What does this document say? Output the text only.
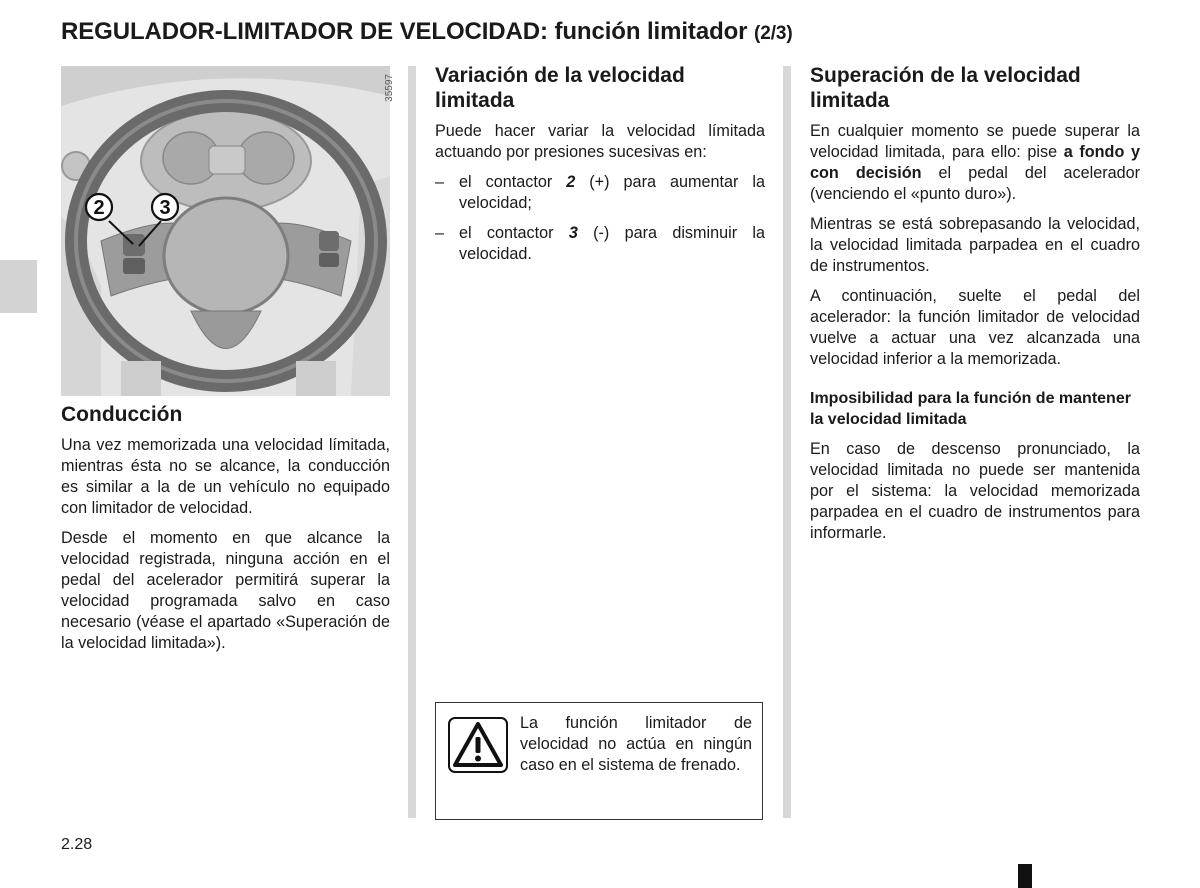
REGULADOR-LIMITADOR DE VELOCIDAD: función limitador (2/3)
2	3
35597
Conducción

Una vez memorizada una velocidad límitada, mientras ésta no se alcance, la conducción es similar a la de un vehículo no equipado con limitador de velocidad.

Desde el momento en que alcance la velocidad registrada, ninguna acción en el pedal del acelerador permitirá superar la velocidad programada salvo en caso necesario (véase el apartado «Superación de la velocidad limitada»).

Variación de la velocidad limitada

Puede hacer variar la velocidad límitada actuando por presiones sucesivas en:

– el contactor 2 (+) para aumentar la velocidad;
– el contactor 3 (-) para disminuir la velocidad.
La función limitador de velocidad no actúa en ningún caso en el sistema de frenado.
Superación de la velocidad limitada

En cualquier momento se puede superar la velocidad limitada, para ello: pise a fondo y con decisión el pedal del acelerador (venciendo el «punto duro»).

Mientras se está sobrepasando la velocidad, la velocidad limitada parpadea en el cuadro de instrumentos.

A continuación, suelte el pedal del acelerador: la función limitador de velocidad vuelve a actuar una vez alcanzada una velocidad inferior a la memorizada.

Imposibilidad para la función de mantener la velocidad limitada

En caso de descenso pronunciado, la velocidad limitada no puede ser mantenida por el sistema: la velocidad memorizada parpadea en el cuadro de instrumentos para informarle.

2.28
